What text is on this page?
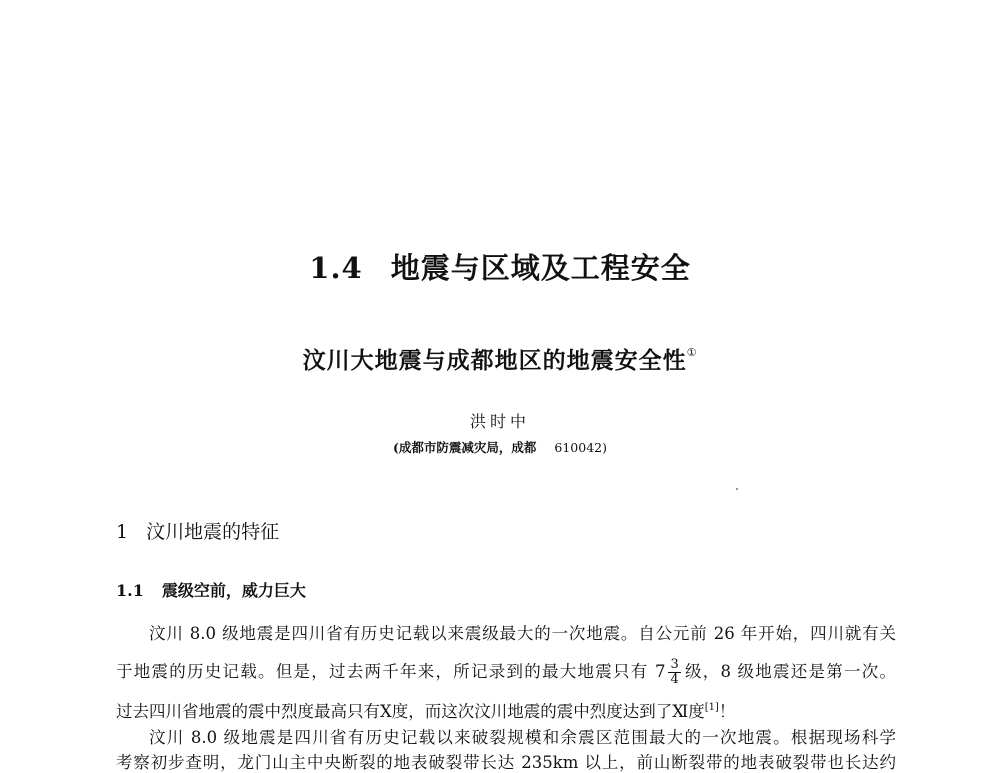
1.4 地震与区域及工程安全
汶川大地震与成都地区的地震安全性①
洪时中
(成都市防震减灾局，成都 610042)
1 汶川地震的特征
1.1 震级空前，威力巨大
汶川 8.0 级地震是四川省有历史记载以来震级最大的一次地震。自公元前 26 年开始，四川就有关
于地震的历史记载。但是，过去两千年来，所记录到的最大地震只有 $7 \frac{3}{4}$ 级，8 级地震还是第一次。
过去四川省地震的震中烈度最高只有Ⅹ度，而这次汶川地震的震中烈度达到了Ⅺ度[1]！
汶川 8.0 级地震是四川省有历史记载以来破裂规模和余震区范围最大的一次地震。根据现场科学
考察初步查明，龙门山主中央断裂的地表破裂带长达 235km 以上，前山断裂带的地表破裂带也长达约
